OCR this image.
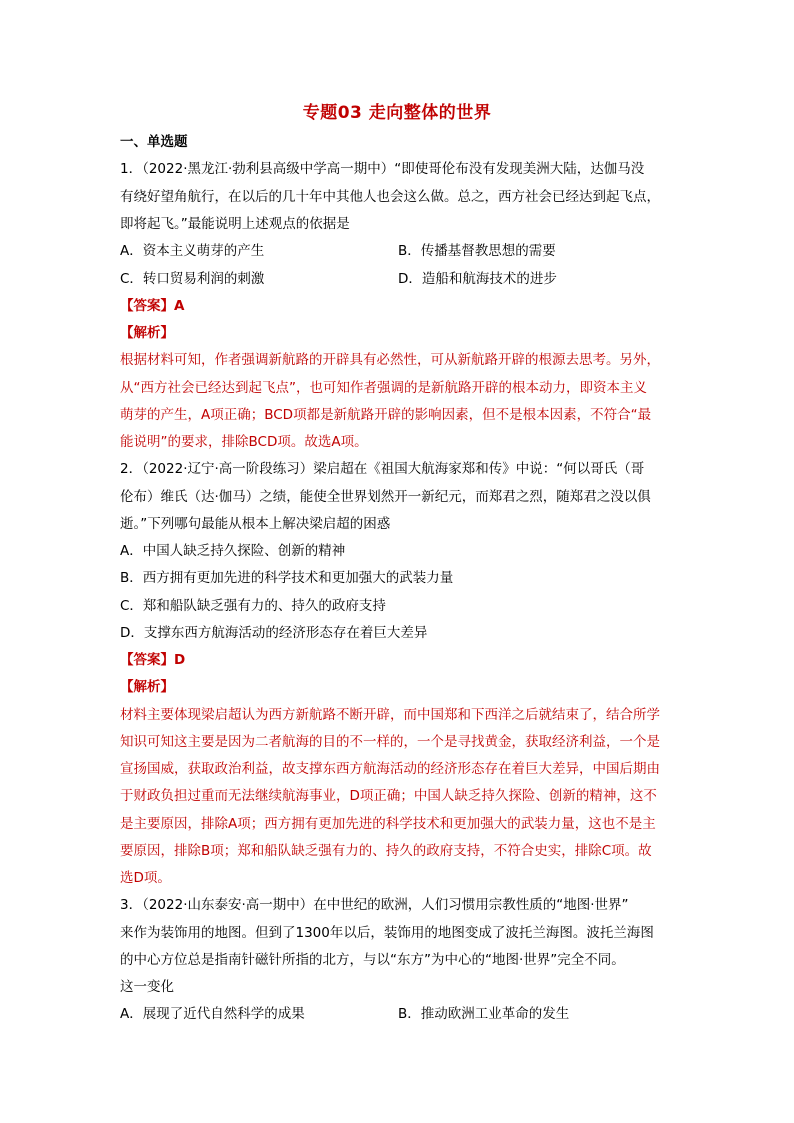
专题03 走向整体的世界
一、单选题
1．（2022·黑龙江·勃利县高级中学高一期中）“即使哥伦布没有发现美洲大陆，达伽马没
有绕好望角航行，在以后的几十年中其他人也会这么做。总之，西方社会已经达到起飞点，
即将起飞。”最能说明上述观点的依据是
A．资本主义萌芽的产生	B．传播基督教思想的需要
C．转口贸易利润的刺激	D．造船和航海技术的进步
【答案】A
【解析】
根据材料可知，作者强调新航路的开辟具有必然性，可从新航路开辟的根源去思考。另外，
从“西方社会已经达到起飞点”，也可知作者强调的是新航路开辟的根本动力，即资本主义
萌芽的产生，A项正确；BCD项都是新航路开辟的影响因素，但不是根本因素，不符合“最
能说明”的要求，排除BCD项。故选A项。
2．（2022·辽宁·高一阶段练习）梁启超在《祖国大航海家郑和传》中说：“何以哥氏（哥
伦布）维氏（达·伽马）之绩，能使全世界划然开一新纪元，而郑君之烈，随郑君之没以俱
逝。”下列哪句最能从根本上解决梁启超的困惑
A．中国人缺乏持久探险、创新的精神
B．西方拥有更加先进的科学技术和更加强大的武装力量
C．郑和船队缺乏强有力的、持久的政府支持
D．支撑东西方航海活动的经济形态存在着巨大差异
【答案】D
【解析】
材料主要体现梁启超认为西方新航路不断开辟，而中国郑和下西洋之后就结束了，结合所学
知识可知这主要是因为二者航海的目的不一样的，一个是寻找黄金，获取经济利益，一个是
宣扬国威，获取政治利益，故支撑东西方航海活动的经济形态存在着巨大差异，中国后期由
于财政负担过重而无法继续航海事业，D项正确；中国人缺乏持久探险、创新的精神，这不
是主要原因，排除A项；西方拥有更加先进的科学技术和更加强大的武装力量，这也不是主
要原因，排除B项；郑和船队缺乏强有力的、持久的政府支持，不符合史实，排除C项。故
选D项。
3．（2022·山东泰安·高一期中）在中世纪的欧洲，人们习惯用宗教性质的“地图·世界”
来作为装饰用的地图。但到了1300年以后，装饰用的地图变成了波托兰海图。波托兰海图
的中心方位总是指南针磁针所指的北方，与以“东方”为中心的“地图·世界”完全不同。
这一变化
A．展现了近代自然科学的成果	B．推动欧洲工业革命的发生
